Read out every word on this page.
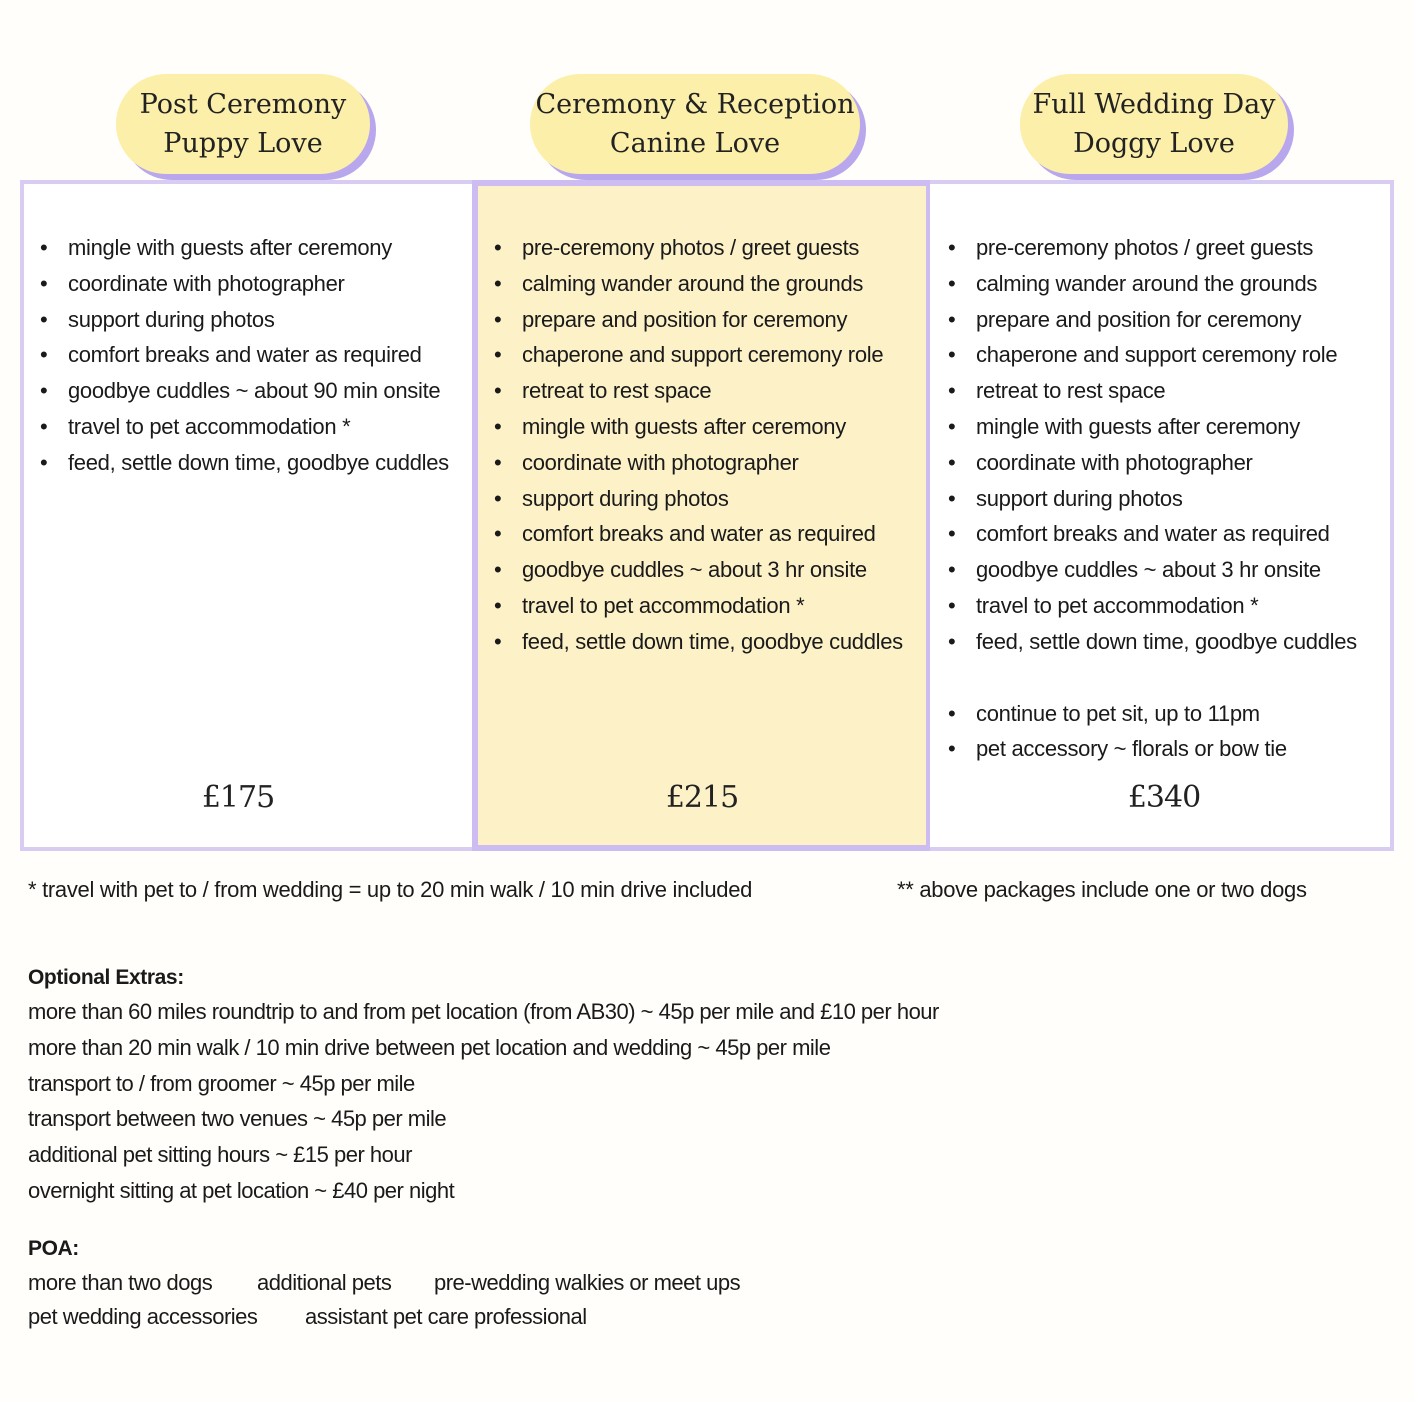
Post Ceremony
Puppy Love
Ceremony & Reception
Canine Love
Full Wedding Day
Doggy Love
• mingle with guests after ceremony
• coordinate with photographer
• support during photos
• comfort breaks and water as required
• goodbye cuddles ~ about 90 min onsite
• travel to pet accommodation *
• feed, settle down time, goodbye cuddles
£175
• pre-ceremony photos / greet guests
• calming wander around the grounds
• prepare and position for ceremony
• chaperone and support ceremony role
• retreat to rest space
• mingle with guests after ceremony
• coordinate with photographer
• support during photos
• comfort breaks and water as required
• goodbye cuddles ~ about 3 hr onsite
• travel to pet accommodation *
• feed, settle down time, goodbye cuddles
£215
• pre-ceremony photos / greet guests
• calming wander around the grounds
• prepare and position for ceremony
• chaperone and support ceremony role
• retreat to rest space
• mingle with guests after ceremony
• coordinate with photographer
• support during photos
• comfort breaks and water as required
• goodbye cuddles ~ about 3 hr onsite
• travel to pet accommodation *
• feed, settle down time, goodbye cuddles
• continue to pet sit, up to 11pm
• pet accessory ~ florals or bow tie
£340
* travel with pet to / from wedding = up to 20 min walk / 10 min drive included	** above packages include one or two dogs
Optional Extras:
more than 60 miles roundtrip to and from pet location (from AB30) ~ 45p per mile and £10 per hour
more than 20 min walk / 10 min drive between pet location and wedding ~ 45p per mile
transport to / from groomer ~ 45p per mile
transport between two venues ~ 45p per mile
additional pet sitting hours ~ £15 per hour
overnight sitting at pet location ~ £40 per night
POA:
more than two dogs additional pets pre-wedding walkies or meet ups
pet wedding accessories assistant pet care professional
